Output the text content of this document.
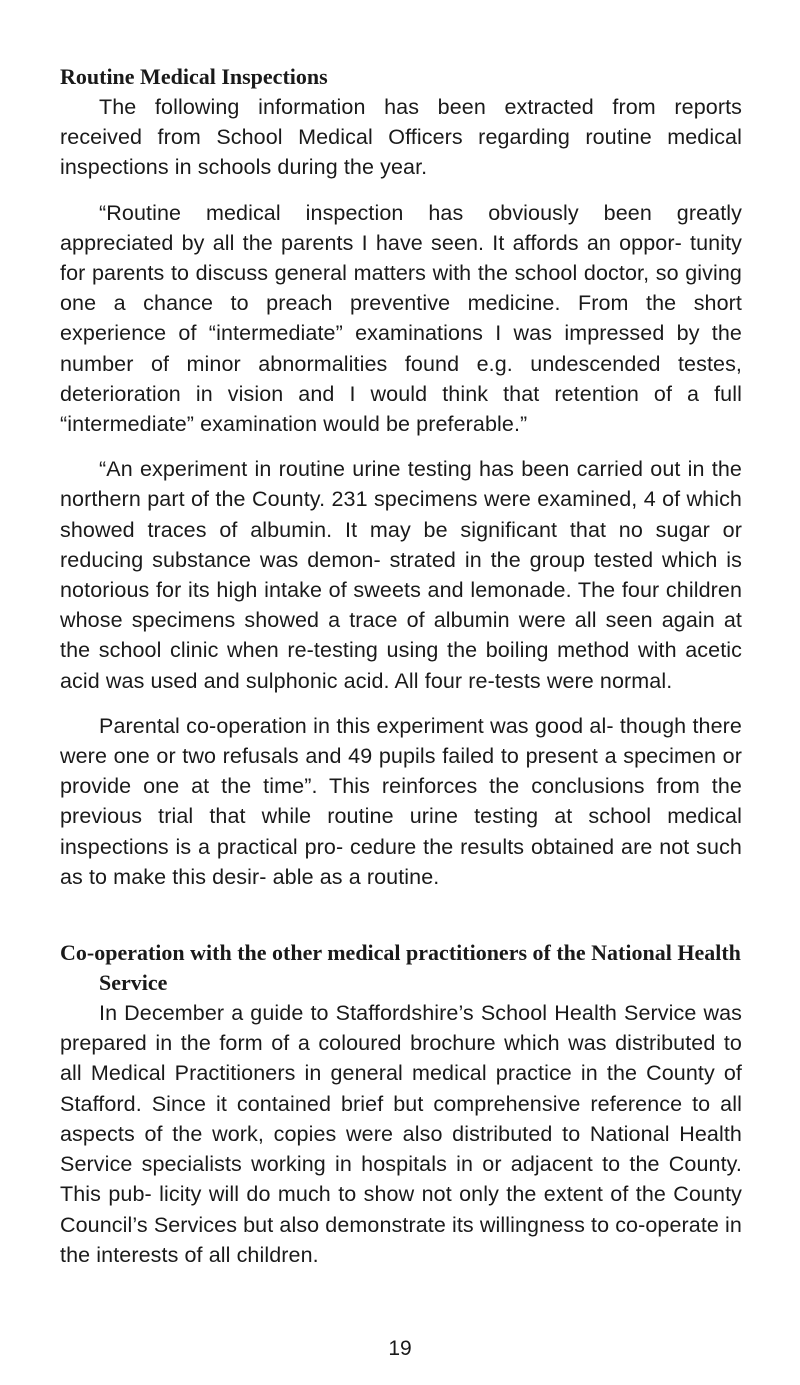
Routine Medical Inspections

The following information has been extracted from reports received from School Medical Officers regarding routine medical inspections in schools during the year.

“Routine medical inspection has obviously been greatly appreciated by all the parents I have seen. It affords an oppor- tunity for parents to discuss general matters with the school doctor, so giving one a chance to preach preventive medicine. From the short experience of “intermediate” examinations I was impressed by the number of minor abnormalities found e.g. undescended testes, deterioration in vision and I would think that retention of a full “intermediate” examination would be preferable.”

“An experiment in routine urine testing has been carried out in the northern part of the County. 231 specimens were examined, 4 of which showed traces of albumin. It may be significant that no sugar or reducing substance was demon- strated in the group tested which is notorious for its high intake of sweets and lemonade. The four children whose specimens showed a trace of albumin were all seen again at the school clinic when re-testing using the boiling method with acetic acid was used and sulphonic acid. All four re-tests were normal.

Parental co-operation in this experiment was good al- though there were one or two refusals and 49 pupils failed to present a specimen or provide one at the time”. This reinforces the conclusions from the previous trial that while routine urine testing at school medical inspections is a practical pro- cedure the results obtained are not such as to make this desir- able as a routine.

Co-operation with the other medical practitioners of the National Health Service

In December a guide to Staffordshire’s School Health Service was prepared in the form of a coloured brochure which was distributed to all Medical Practitioners in general medical practice in the County of Stafford. Since it contained brief but comprehensive reference to all aspects of the work, copies were also distributed to National Health Service specialists working in hospitals in or adjacent to the County. This pub- licity will do much to show not only the extent of the County Council’s Services but also demonstrate its willingness to co-operate in the interests of all children.

19
